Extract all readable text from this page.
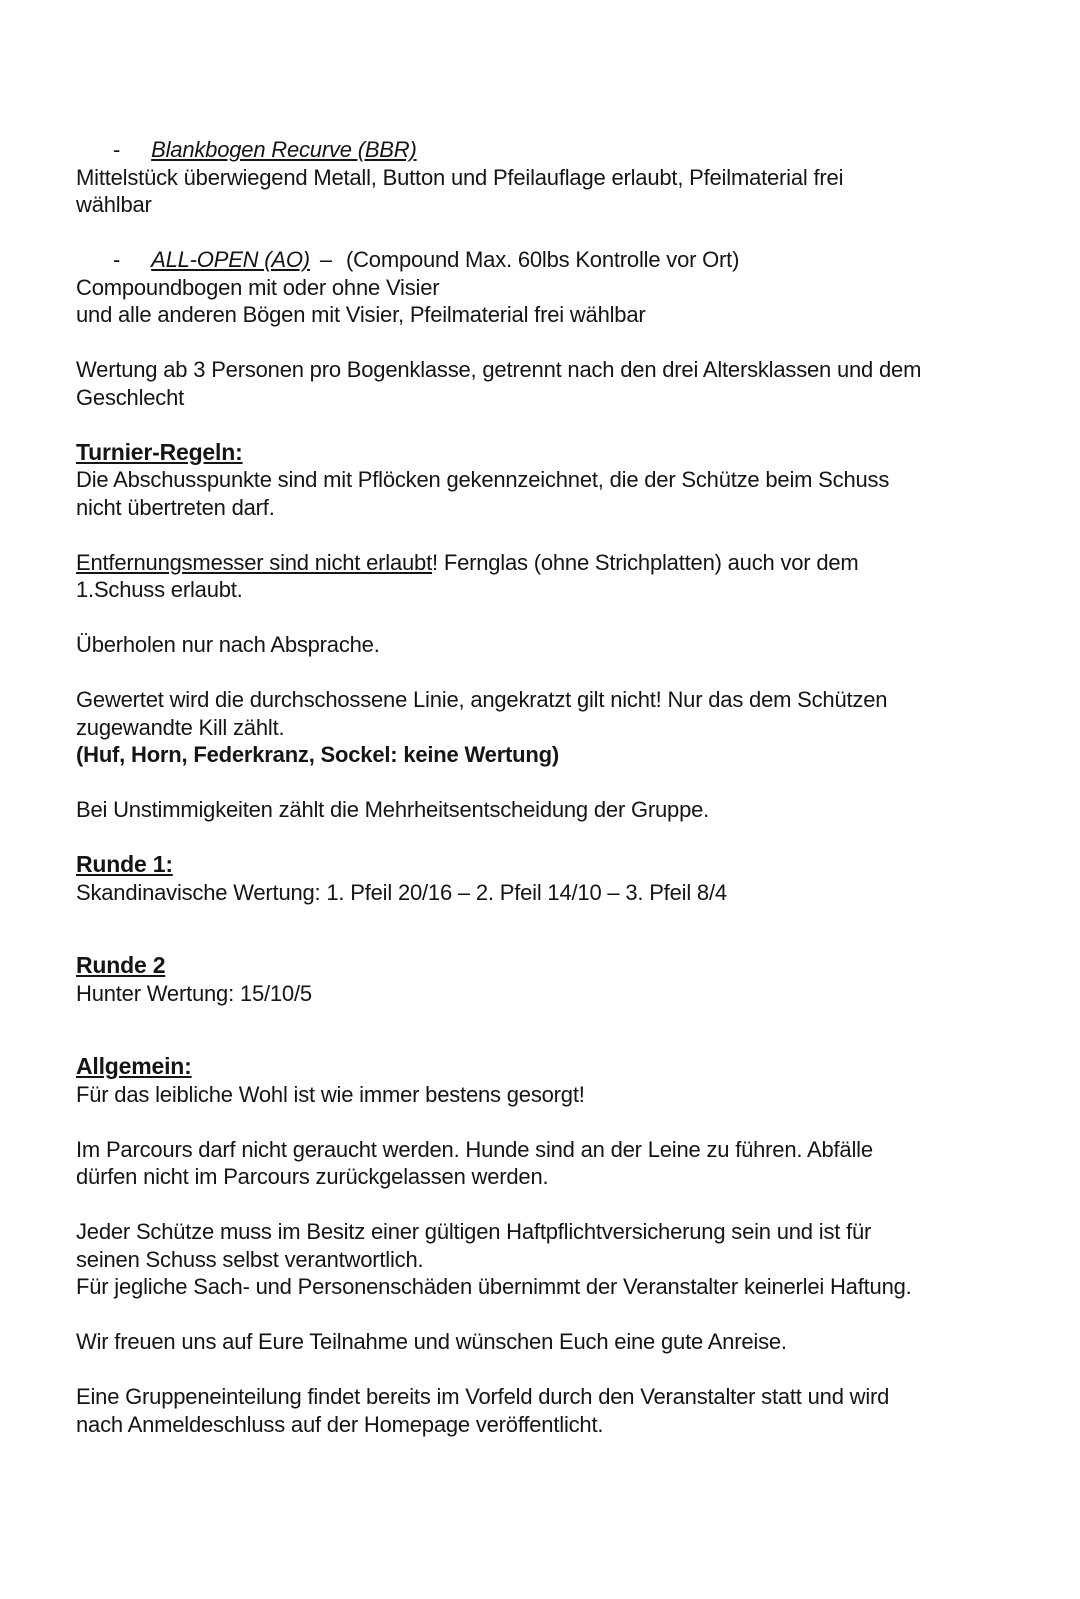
- Blankbogen Recurve (BBR)
Mittelstück überwiegend Metall, Button und Pfeilauflage erlaubt, Pfeilmaterial frei
wählbar
- ALL-OPEN (AO) – (Compound Max. 60lbs Kontrolle vor Ort)
Compoundbogen mit oder ohne Visier
und alle anderen Bögen mit Visier, Pfeilmaterial frei wählbar
Wertung ab 3 Personen pro Bogenklasse, getrennt nach den drei Altersklassen und dem
Geschlecht
Turnier-Regeln:
Die Abschusspunkte sind mit Pflöcken gekennzeichnet, die der Schütze beim Schuss
nicht übertreten darf.
Entfernungsmesser sind nicht erlaubt! Fernglas (ohne Strichplatten) auch vor dem
1.Schuss erlaubt.
Überholen nur nach Absprache.
Gewertet wird die durchschossene Linie, angekratzt gilt nicht! Nur das dem Schützen
zugewandte Kill zählt.
(Huf, Horn, Federkranz, Sockel: keine Wertung)
Bei Unstimmigkeiten zählt die Mehrheitsentscheidung der Gruppe.
Runde 1:
Skandinavische Wertung: 1. Pfeil 20/16 – 2. Pfeil 14/10 – 3. Pfeil 8/4
Runde 2
Hunter Wertung: 15/10/5
Allgemein:
Für das leibliche Wohl ist wie immer bestens gesorgt!
Im Parcours darf nicht geraucht werden. Hunde sind an der Leine zu führen. Abfälle
dürfen nicht im Parcours zurückgelassen werden.
Jeder Schütze muss im Besitz einer gültigen Haftpflichtversicherung sein und ist für
seinen Schuss selbst verantwortlich.
Für jegliche Sach- und Personenschäden übernimmt der Veranstalter keinerlei Haftung.
Wir freuen uns auf Eure Teilnahme und wünschen Euch eine gute Anreise.
Eine Gruppeneinteilung findet bereits im Vorfeld durch den Veranstalter statt und wird
nach Anmeldeschluss auf der Homepage veröffentlicht.
